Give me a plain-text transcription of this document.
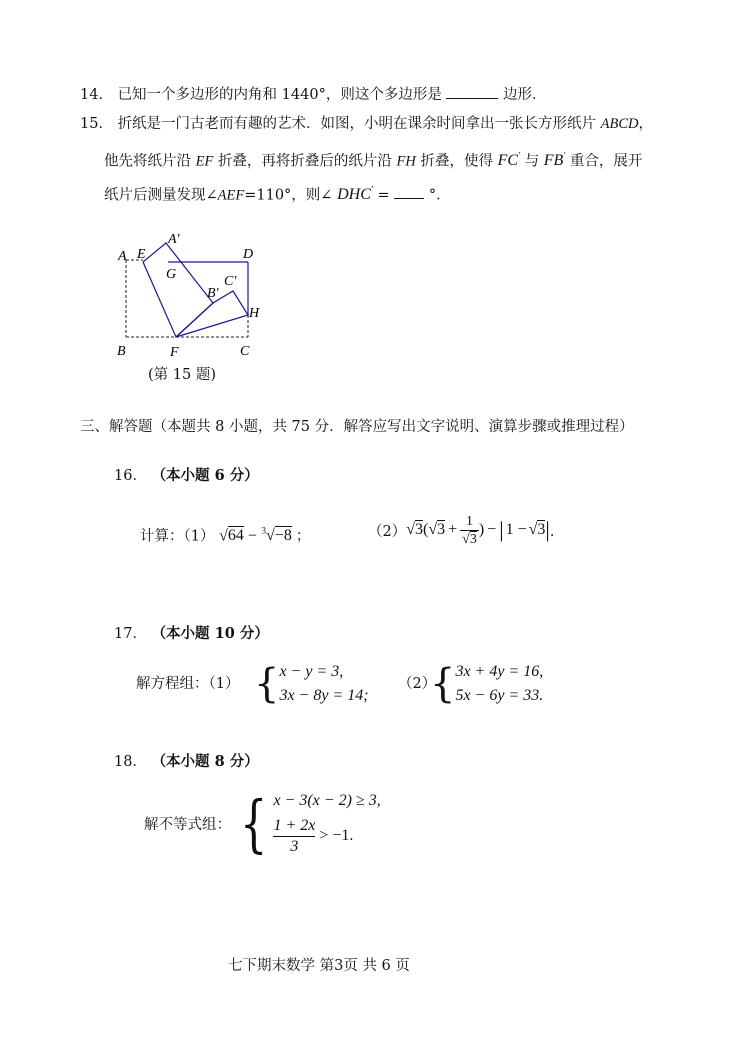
14． 已知一个多边形的内角和 1440°，则这个多边形是	边形．
15． 折纸是一门古老而有趣的艺术．如图，小明在课余时间拿出一张长方形纸片 ABCD，
他先将纸片沿 EF 折叠，再将折叠后的纸片沿 FH 折叠，使得 FC′ 与 FB′ 重合，展开
纸片后测量发现∠AEF=110°，则∠ DHC′ =	°．
A E
A′
D
G	C′
B′
H
B	F	C
(第 15 题)
三、解答题（本题共 8 小题，共 75 分．解答应写出文字说明、演算步骤或推理过程）
16． （本小题 6 分）
计算：（1） √64 − $^3$√−8 ；	（2） √3 ( $√3 + \frac{1}{√3}$ ) − | 1 − √3 | ．
17． （本小题 10 分）
解方程组：（1） { x − y = 3,
3x − 8y = 14;
（2）
{ 3x + 4y = 16,
5x − 6y = 33.
18． （本小题 8 分）
解不等式组： { x − 3(x − 2) ≥ 3,
$\frac{1 + 2x}{3} > -1$.
七下期末数学 第3页 共 6 页
